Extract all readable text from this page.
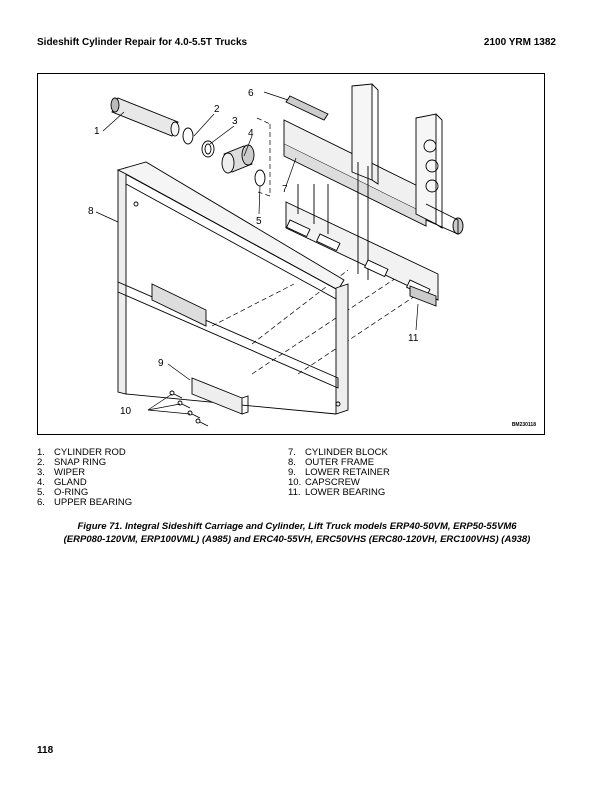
Sideshift Cylinder Repair for 4.0-5.5T Trucks	2100 YRM 1382
1
2
3
4
5
6
7
8
9
10
11
BM230118
1. CYLINDER ROD
2. SNAP RING
3. WIPER
4. GLAND
5. O-RING
6. UPPER BEARING
7. CYLINDER BLOCK
8. OUTER FRAME
9. LOWER RETAINER
10. CAPSCREW
11. LOWER BEARING
Figure 71. Integral Sideshift Carriage and Cylinder, Lift Truck models ERP40-50VM, ERP50-55VM6
(ERP080-120VM, ERP100VML) (A985) and ERC40-55VH, ERC50VHS (ERC80-120VH, ERC100VHS) (A938)
118
